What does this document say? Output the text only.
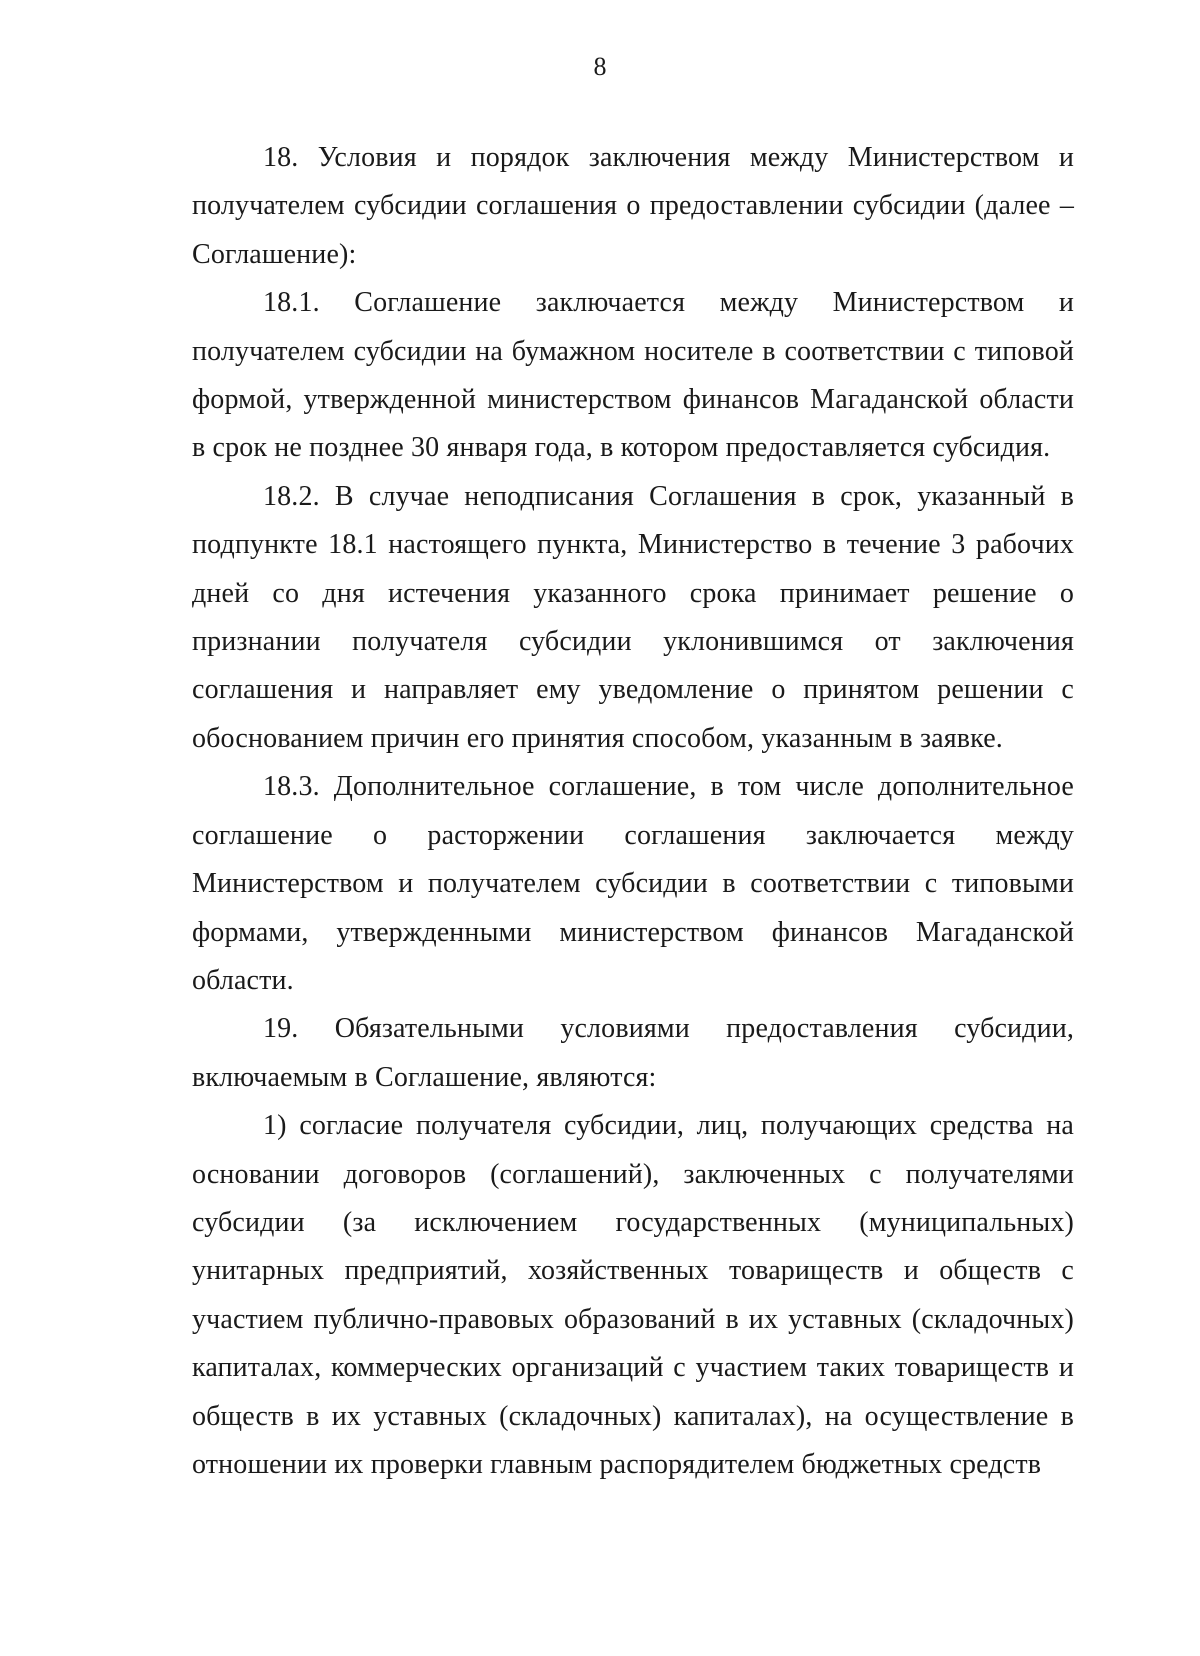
8

18. Условия и порядок заключения между Министерством и получателем субсидии соглашения о предоставлении субсидии (далее – Соглашение):

18.1. Соглашение заключается между Министерством и получателем субсидии на бумажном носителе в соответствии с типовой формой, утвержденной министерством финансов Магаданской области в срок не позднее 30 января года, в котором предоставляется субсидия.

18.2. В случае неподписания Соглашения в срок, указанный в подпункте 18.1 настоящего пункта, Министерство в течение 3 рабочих дней со дня истечения указанного срока принимает решение о признании получателя субсидии уклонившимся от заключения соглашения и направляет ему уведомление о принятом решении с обоснованием причин его принятия способом, указанным в заявке.

18.3. Дополнительное соглашение, в том числе дополнительное соглашение о расторжении соглашения заключается между Министерством и получателем субсидии в соответствии с типовыми формами, утвержденными министерством финансов Магаданской области.

19. Обязательными условиями предоставления субсидии, включаемым в Соглашение, являются:

1) согласие получателя субсидии, лиц, получающих средства на основании договоров (соглашений), заключенных с получателями субсидии (за исключением государственных (муниципальных) унитарных предприятий, хозяйственных товариществ и обществ с участием публично-правовых образований в их уставных (складочных) капиталах, коммерческих организаций с участием таких товариществ и обществ в их уставных (складочных) капиталах), на осуществление в отношении их проверки главным распорядителем бюджетных средств
